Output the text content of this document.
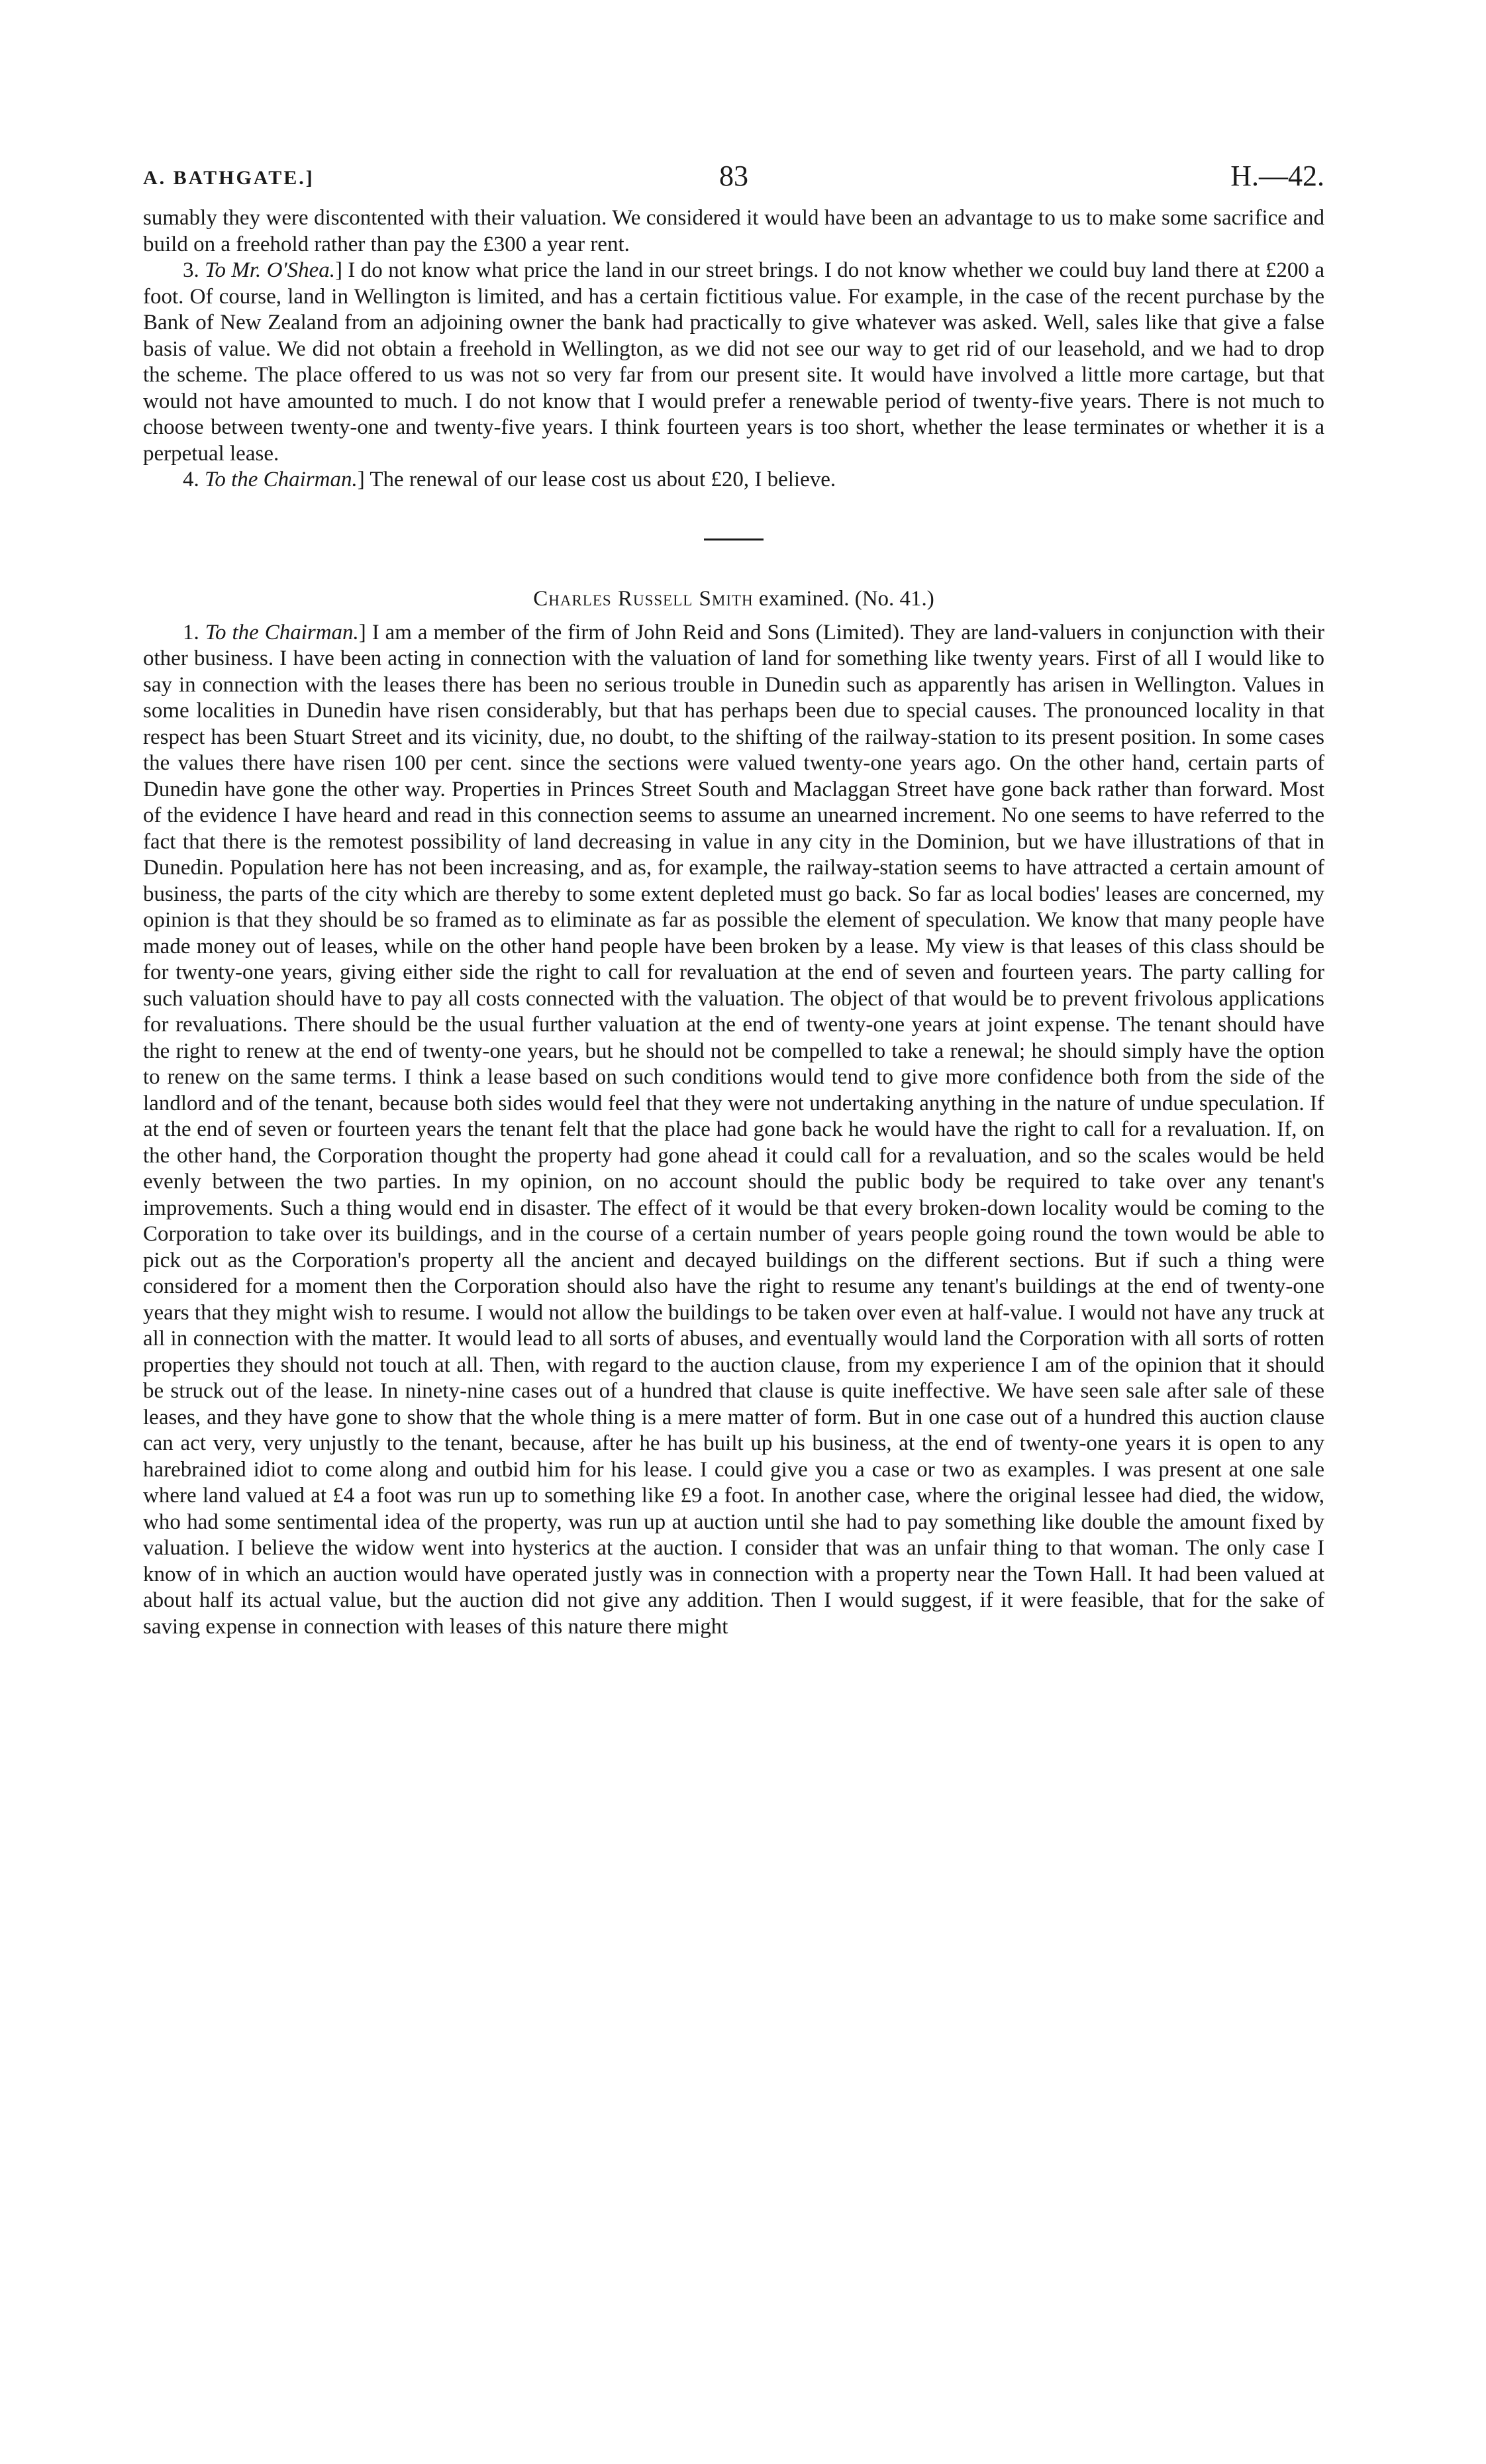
A. BATHGATE.]	83	H.—42.

sumably they were discontented with their valuation. We considered it would have been an advantage to us to make some sacrifice and build on a freehold rather than pay the £300 a year rent.

3. To Mr. O'Shea.] I do not know what price the land in our street brings. I do not know whether we could buy land there at £200 a foot. Of course, land in Wellington is limited, and has a certain fictitious value. For example, in the case of the recent purchase by the Bank of New Zealand from an adjoining owner the bank had practically to give whatever was asked. Well, sales like that give a false basis of value. We did not obtain a freehold in Wellington, as we did not see our way to get rid of our leasehold, and we had to drop the scheme. The place offered to us was not so very far from our present site. It would have involved a little more cartage, but that would not have amounted to much. I do not know that I would prefer a renewable period of twenty-five years. There is not much to choose between twenty-one and twenty-five years. I think fourteen years is too short, whether the lease terminates or whether it is a perpetual lease.

4. To the Chairman.] The renewal of our lease cost us about £20, I believe.

Charles Russell Smith examined. (No. 41.)

1. To the Chairman.] I am a member of the firm of John Reid and Sons (Limited). They are land-valuers in conjunction with their other business. I have been acting in connection with the valuation of land for something like twenty years. First of all I would like to say in connection with the leases there has been no serious trouble in Dunedin such as apparently has arisen in Wellington. Values in some localities in Dunedin have risen considerably, but that has perhaps been due to special causes. The pronounced locality in that respect has been Stuart Street and its vicinity, due, no doubt, to the shifting of the railway-station to its present position. In some cases the values there have risen 100 per cent. since the sections were valued twenty-one years ago. On the other hand, certain parts of Dunedin have gone the other way. Properties in Princes Street South and Maclaggan Street have gone back rather than forward. Most of the evidence I have heard and read in this connection seems to assume an unearned increment. No one seems to have referred to the fact that there is the remotest possibility of land decreasing in value in any city in the Dominion, but we have illustrations of that in Dunedin. Population here has not been increasing, and as, for example, the railway-station seems to have attracted a certain amount of business, the parts of the city which are thereby to some extent depleted must go back. So far as local bodies' leases are concerned, my opinion is that they should be so framed as to eliminate as far as possible the element of speculation. We know that many people have made money out of leases, while on the other hand people have been broken by a lease. My view is that leases of this class should be for twenty-one years, giving either side the right to call for revaluation at the end of seven and fourteen years. The party calling for such valuation should have to pay all costs connected with the valuation. The object of that would be to prevent frivolous applications for revaluations. There should be the usual further valuation at the end of twenty-one years at joint expense. The tenant should have the right to renew at the end of twenty-one years, but he should not be compelled to take a renewal; he should simply have the option to renew on the same terms. I think a lease based on such conditions would tend to give more confidence both from the side of the landlord and of the tenant, because both sides would feel that they were not undertaking anything in the nature of undue speculation. If at the end of seven or fourteen years the tenant felt that the place had gone back he would have the right to call for a revaluation. If, on the other hand, the Corporation thought the property had gone ahead it could call for a revaluation, and so the scales would be held evenly between the two parties. In my opinion, on no account should the public body be required to take over any tenant's improvements. Such a thing would end in disaster. The effect of it would be that every broken-down locality would be coming to the Corporation to take over its buildings, and in the course of a certain number of years people going round the town would be able to pick out as the Corporation's property all the ancient and decayed buildings on the different sections. But if such a thing were considered for a moment then the Corporation should also have the right to resume any tenant's buildings at the end of twenty-one years that they might wish to resume. I would not allow the buildings to be taken over even at half-value. I would not have any truck at all in connection with the matter. It would lead to all sorts of abuses, and eventually would land the Corporation with all sorts of rotten properties they should not touch at all. Then, with regard to the auction clause, from my experience I am of the opinion that it should be struck out of the lease. In ninety-nine cases out of a hundred that clause is quite ineffective. We have seen sale after sale of these leases, and they have gone to show that the whole thing is a mere matter of form. But in one case out of a hundred this auction clause can act very, very unjustly to the tenant, because, after he has built up his business, at the end of twenty-one years it is open to any harebrained idiot to come along and outbid him for his lease. I could give you a case or two as examples. I was present at one sale where land valued at £4 a foot was run up to something like £9 a foot. In another case, where the original lessee had died, the widow, who had some sentimental idea of the property, was run up at auction until she had to pay something like double the amount fixed by valuation. I believe the widow went into hysterics at the auction. I consider that was an unfair thing to that woman. The only case I know of in which an auction would have operated justly was in connection with a property near the Town Hall. It had been valued at about half its actual value, but the auction did not give any addition. Then I would suggest, if it were feasible, that for the sake of saving expense in connection with leases of this nature there might
